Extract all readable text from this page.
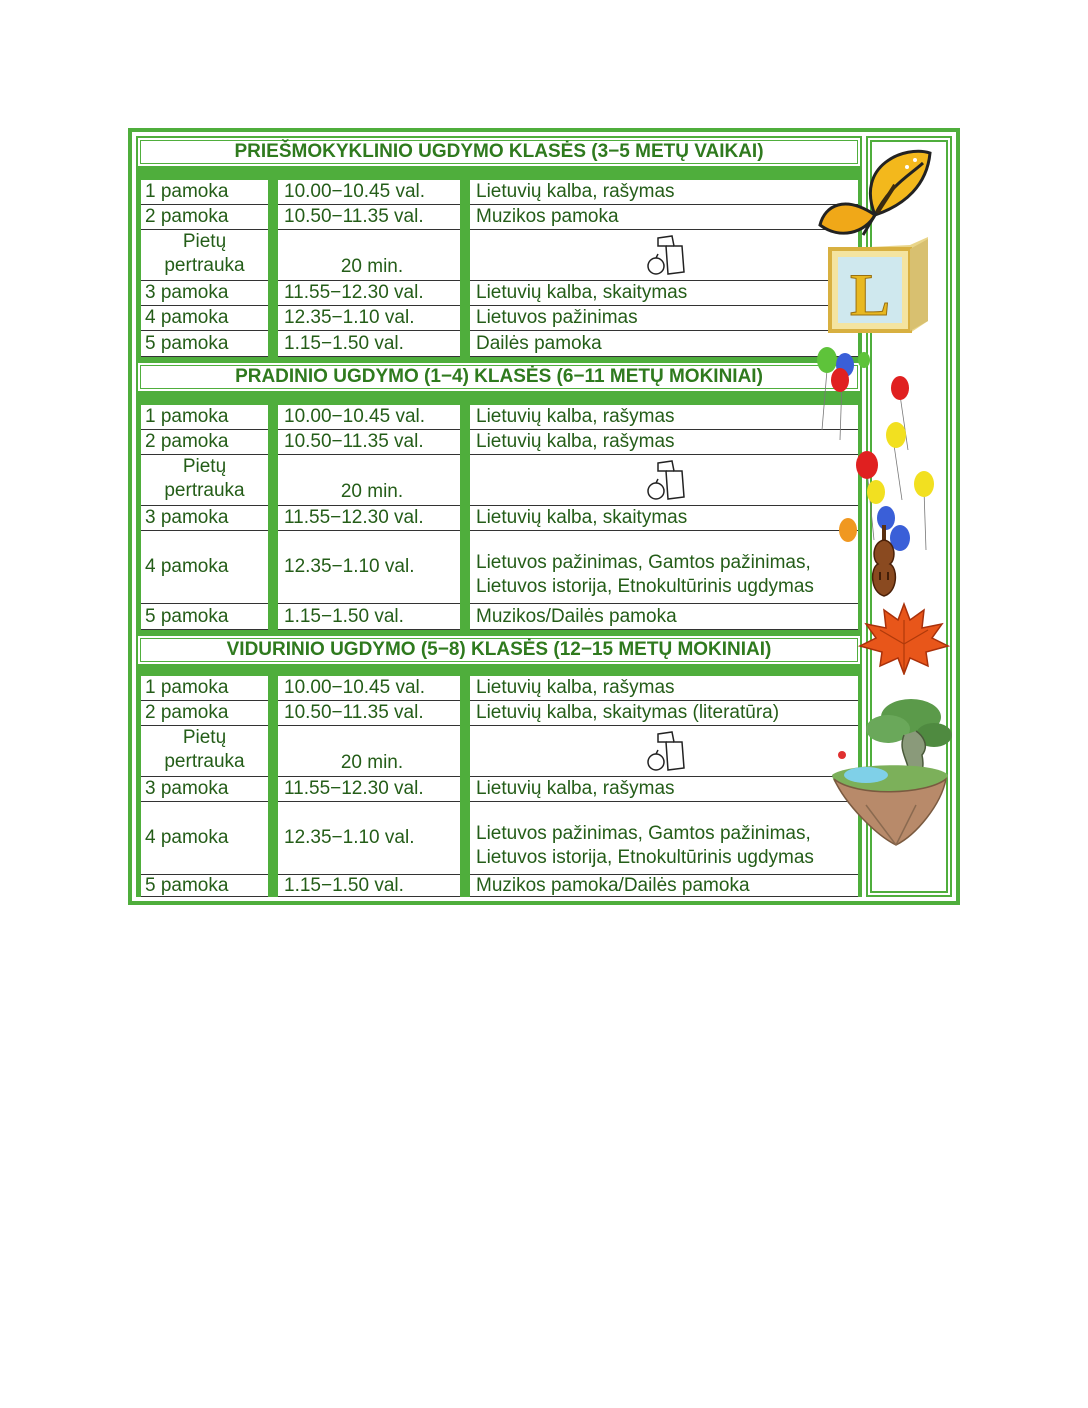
PRIEŠMOKYKLINIO UGDYMO KLASĖS (3−5 METŲ VAIKAI)
1 pamoka	10.00−10.45 val.	Lietuvių kalba, rašymas
2 pamoka	10.50−11.35 val.	Muzikos pamoka
Pietų
pertrauka	20 min.
3 pamoka	11.55−12.30 val.	Lietuvių kalba, skaitymas
4 pamoka	12.35−1.10 val.	Lietuvos pažinimas
5 pamoka	1.15−1.50 val.	Dailės pamoka
PRADINIO UGDYMO (1−4) KLASĖS (6−11 METŲ MOKINIAI)
1 pamoka	10.00−10.45 val.	Lietuvių kalba, rašymas
2 pamoka	10.50−11.35 val.	Lietuvių kalba, rašymas
Pietų
pertrauka	20 min.
3 pamoka	11.55−12.30 val.	Lietuvių kalba, skaitymas
4 pamoka	12.35−1.10 val.	Lietuvos pažinimas, Gamtos pažinimas,
Lietuvos istorija, Etnokultūrinis ugdymas
5 pamoka	1.15−1.50 val.	Muzikos/Dailės pamoka
VIDURINIO UGDYMO (5−8) KLASĖS (12−15 METŲ MOKINIAI)
1 pamoka	10.00−10.45 val.	Lietuvių kalba, rašymas
2 pamoka	10.50−11.35 val.	Lietuvių kalba, skaitymas (literatūra)
Pietų
pertrauka	20 min.
3 pamoka	11.55−12.30 val.	Lietuvių kalba, rašymas
4 pamoka	12.35−1.10 val.	Lietuvos pažinimas, Gamtos pažinimas,
Lietuvos istorija, Etnokultūrinis ugdymas
5 pamoka	1.15−1.50 val.	Muzikos pamoka/Dailės pamoka
L
